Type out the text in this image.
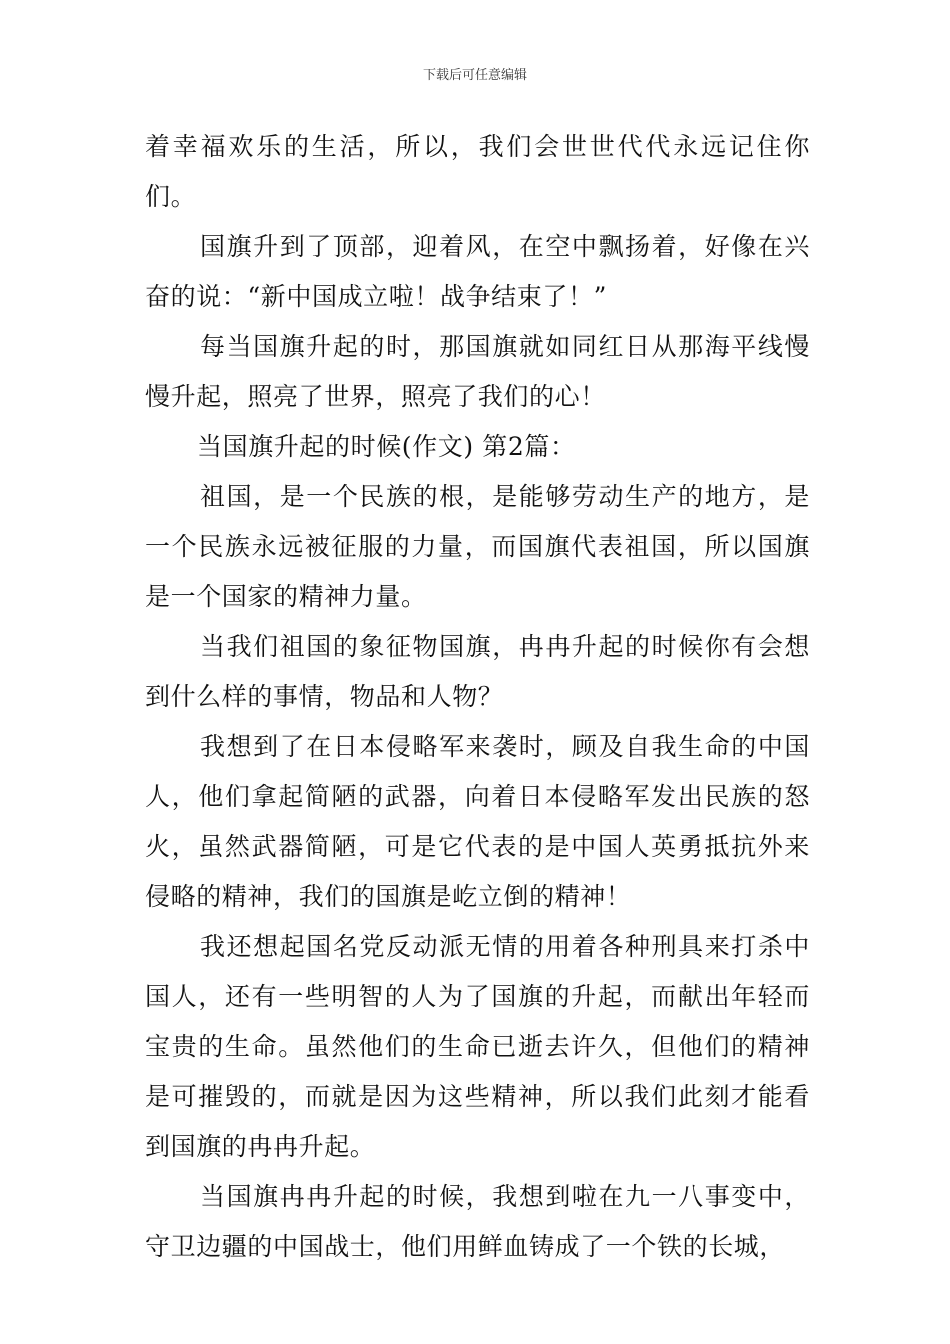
下载后可任意编辑

着幸福欢乐的生活，所以，我们会世世代代永远记住你们。

国旗升到了顶部，迎着风，在空中飘扬着，好像在兴奋的说：“新中国成立啦！战争结束了！”

每当国旗升起的时，那国旗就如同红日从那海平线慢慢升起，照亮了世界，照亮了我们的心！

当国旗升起的时候(作文) 第2篇：

祖国，是一个民族的根，是能够劳动生产的地方，是一个民族永远被征服的力量，而国旗代表祖国，所以国旗是一个国家的精神力量。

当我们祖国的象征物国旗，冉冉升起的时候你有会想到什么样的事情，物品和人物？

我想到了在日本侵略军来袭时，顾及自我生命的中国人，他们拿起简陋的武器，向着日本侵略军发出民族的怒火，虽然武器简陋，可是它代表的是中国人英勇抵抗外来侵略的精神，我们的国旗是屹立倒的精神！

我还想起国名党反动派无情的用着各种刑具来打杀中国人，还有一些明智的人为了国旗的升起，而献出年轻而宝贵的生命。虽然他们的生命已逝去许久，但他们的精神是可摧毁的，而就是因为这些精神，所以我们此刻才能看到国旗的冉冉升起。

当国旗冉冉升起的时候，我想到啦在九一八事变中，守卫边疆的中国战士，他们用鲜血铸成了一个铁的长城，
